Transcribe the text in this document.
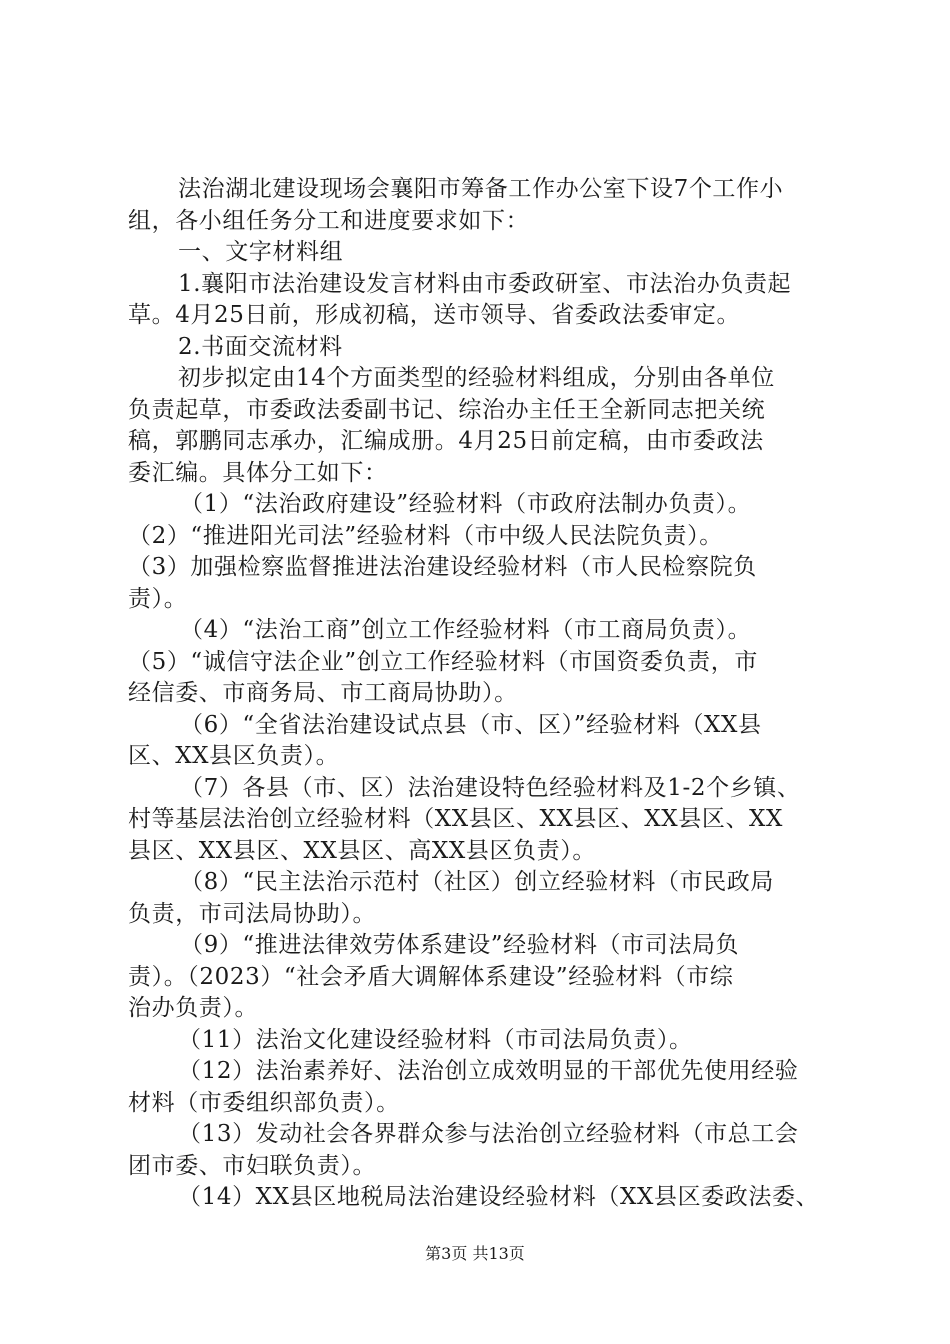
法治湖北建设现场会襄阳市筹备工作办公室下设7个工作小
组，各小组任务分工和进度要求如下：
一、文字材料组
1.襄阳市法治建设发言材料由市委政研室、市法治办负责起
草。4月25日前，形成初稿，送市领导、省委政法委审定。
2.书面交流材料
初步拟定由14个方面类型的经验材料组成，分别由各单位
负责起草，市委政法委副书记、综治办主任王全新同志把关统
稿，郭鹏同志承办，汇编成册。4月25日前定稿，由市委政法
委汇编。具体分工如下：
（1）“法治政府建设”经验材料（市政府法制办负责）。
（2）“推进阳光司法”经验材料（市中级人民法院负责）。
（3）加强检察监督推进法治建设经验材料（市人民检察院负
责）。
（4）“法治工商”创立工作经验材料（市工商局负责）。
（5）“诚信守法企业”创立工作经验材料（市国资委负责，市
经信委、市商务局、市工商局协助）。
（6）“全省法治建设试点县（市、区）”经验材料（XX县
区、XX县区负责）。
（7）各县（市、区）法治建设特色经验材料及1-2个乡镇、
村等基层法治创立经验材料（XX县区、XX县区、XX县区、XX
县区、XX县区、XX县区、高XX县区负责）。
（8）“民主法治示范村（社区）创立经验材料（市民政局
负责，市司法局协助）。
（9）“推进法律效劳体系建设”经验材料（市司法局负
责）。（2023）“社会矛盾大调解体系建设”经验材料（市综
治办负责）。
（11）法治文化建设经验材料（市司法局负责）。
（12）法治素养好、法治创立成效明显的干部优先使用经验
材料（市委组织部负责）。
（13）发动社会各界群众参与法治创立经验材料（市总工会
团市委、市妇联负责）。
（14）XX县区地税局法治建设经验材料（XX县区委政法委、
第3页 共13页
